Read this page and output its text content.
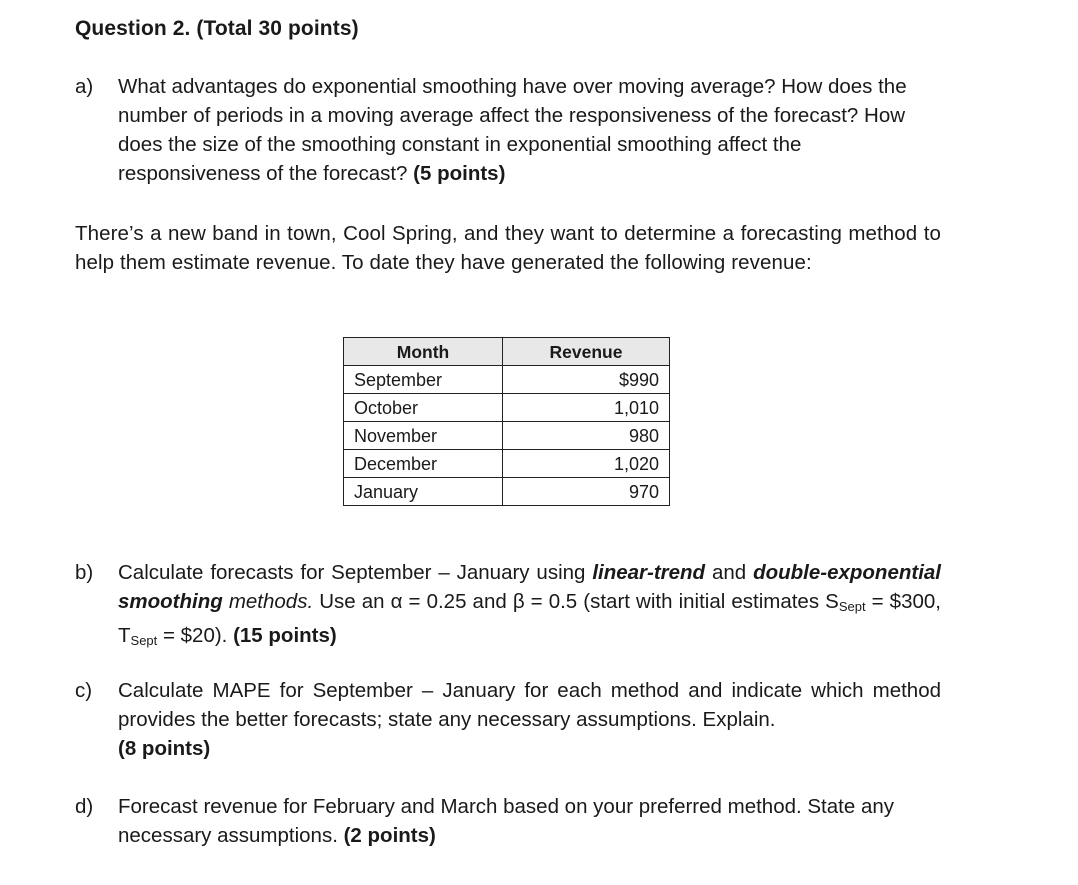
Question 2. (Total 30 points)
a) What advantages do exponential smoothing have over moving average? How does the number of periods in a moving average affect the responsiveness of the forecast? How does the size of the smoothing constant in exponential smoothing affect the responsiveness of the forecast? (5 points)
There’s a new band in town, Cool Spring, and they want to determine a forecasting method to help them estimate revenue. To date they have generated the following revenue:
Month	Revenue
September	$990
October	1,010
November	980
December	1,020
January	970
b) Calculate forecasts for September – January using linear-trend and double-exponential smoothing methods. Use an α = 0.25 and β = 0.5 (start with initial estimates $S_{Sept}$ = $300, $T_{Sept}$ = $20). (15 points)
c) Calculate MAPE for September – January for each method and indicate which method provides the better forecasts; state any necessary assumptions. Explain.
(8 points)
d) Forecast revenue for February and March based on your preferred method. State any necessary assumptions. (2 points)
